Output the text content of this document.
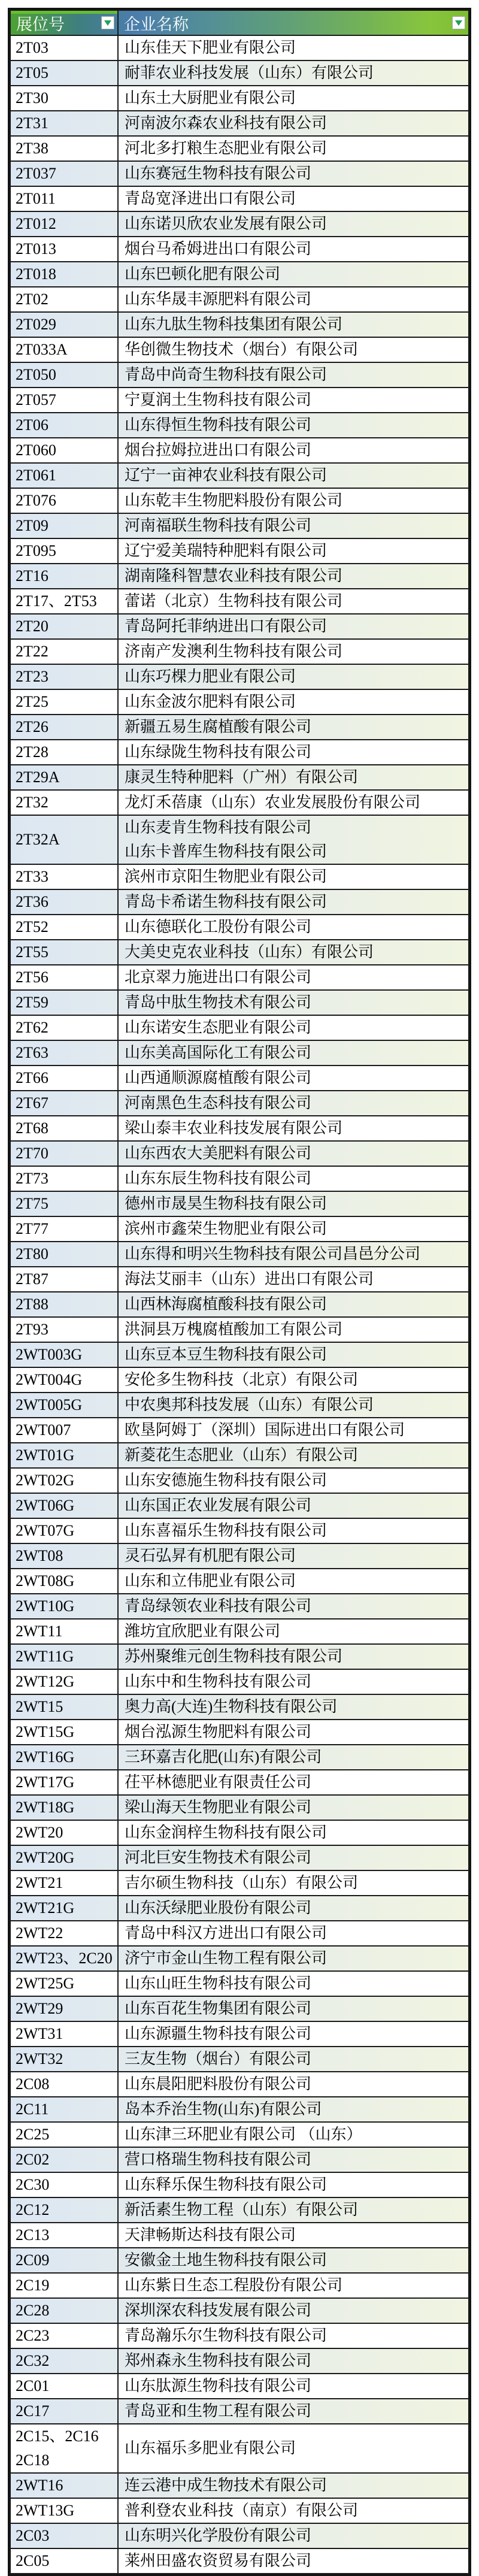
展位号	企业名称

2T03	山东佳天下肥业有限公司

2T05	耐菲农业科技发展（山东）有限公司

2T30	山东土大厨肥业有限公司

2T31	河南波尔森农业科技有限公司

2T38	河北多打粮生态肥业有限公司

2T037	山东赛冠生物科技有限公司

2T011	青岛宽泽进出口有限公司

2T012	山东诺贝欣农业发展有限公司

2T013	烟台马希姆进出口有限公司

2T018	山东巴顿化肥有限公司

2T02	山东华晟丰源肥料有限公司

2T029	山东九肽生物科技集团有限公司

2T033A	华创微生物技术（烟台）有限公司

2T050	青岛中尚奇生物科技有限公司

2T057	宁夏润土生物科技有限公司

2T06	山东得恒生物科技有限公司

2T060	烟台拉姆拉进出口有限公司

2T061	辽宁一亩神农业科技有限公司

2T076	山东乾丰生物肥料股份有限公司

2T09	河南福联生物科技有限公司

2T095	辽宁爱美瑞特种肥料有限公司

2T16	湖南隆科智慧农业科技有限公司

2T17、2T53	蕾诺（北京）生物科技有限公司

2T20	青岛阿托菲纳进出口有限公司

2T22	济南产发澳利生物科技有限公司

2T23	山东巧棵力肥业有限公司

2T25	山东金波尔肥料有限公司

2T26	新疆五易生腐植酸有限公司

2T28	山东绿陇生物科技有限公司

2T29A	康灵生特种肥料（广州）有限公司

2T32	龙灯禾蓓康（山东）农业发展股份有限公司

2T32A	山东麦肯生物科技有限公司
山东卡普库生物科技有限公司

2T33	滨州市京阳生物肥业有限公司

2T36	青岛卡希诺生物科技有限公司

2T52	山东德联化工股份有限公司

2T55	大美史克农业科技（山东）有限公司

2T56	北京翠力施进出口有限公司

2T59	青岛中肽生物技术有限公司

2T62	山东诺安生态肥业有限公司

2T63	山东美高国际化工有限公司

2T66	山西通顺源腐植酸有限公司

2T67	河南黑色生态科技有限公司

2T68	梁山泰丰农业科技发展有限公司

2T70	山东西农大美肥料有限公司

2T73	山东东辰生物科技有限公司

2T75	德州市晟昊生物科技有限公司

2T77	滨州市鑫荣生物肥业有限公司

2T80	山东得和明兴生物科技有限公司昌邑分公司

2T87	海法艾丽丰（山东）进出口有限公司

2T88	山西林海腐植酸科技有限公司

2T93	洪洞县万槐腐植酸加工有限公司

2WT003G	山东豆本豆生物科技有限公司

2WT004G	安伦多生物科技（北京）有限公司

2WT005G	中农奥邦科技发展（山东）有限公司

2WT007	欧垦阿姆丁（深圳）国际进出口有限公司

2WT01G	新菱花生态肥业（山东）有限公司

2WT02G	山东安德施生物科技有限公司

2WT06G	山东国正农业发展有限公司

2WT07G	山东喜福乐生物科技有限公司

2WT08	灵石弘昇有机肥有限公司

2WT08G	山东和立伟肥业有限公司

2WT10G	青岛绿领农业科技有限公司

2WT11	潍坊宜欣肥业有限公司

2WT11G	苏州聚维元创生物科技有限公司

2WT12G	山东中和生物科技有限公司

2WT15	奥力高(大连)生物科技有限公司

2WT15G	烟台泓源生物肥料有限公司

2WT16G	三环嘉吉化肥(山东)有限公司

2WT17G	茌平林德肥业有限责任公司

2WT18G	梁山海天生物肥业有限公司

2WT20	山东金润梓生物科技有限公司

2WT20G	河北巨安生物技术有限公司

2WT21	吉尔硕生物科技（山东）有限公司

2WT21G	山东沃绿肥业股份有限公司

2WT22	青岛中科汉方进出口有限公司

2WT23、2C20	济宁市金山生物工程有限公司

2WT25G	山东山旺生物科技有限公司

2WT29	山东百花生物集团有限公司

2WT31	山东源疆生物科技有限公司

2WT32	三友生物（烟台）有限公司

2C08	山东晨阳肥料股份有限公司

2C11	岛本乔治生物(山东)有限公司

2C25	山东津三环肥业有限公司 （山东）

2C02	营口格瑞生物科技有限公司

2C30	山东释乐保生物科技有限公司

2C12	新活素生物工程（山东）有限公司

2C13	天津畅斯达科技有限公司

2C09	安徽金土地生物科技有限公司

2C19	山东紫日生态工程股份有限公司

2C28	深圳深农科技发展有限公司

2C23	青岛瀚乐尔生物科技有限公司

2C32	郑州森永生物科技有限公司

2C01	山东肽源生物科技有限公司

2C17	青岛亚和生物工程有限公司

2C15、2C16
2C18	山东福乐多肥业有限公司

2WT16	连云港中成生物技术有限公司

2WT13G	普利登农业科技（南京）有限公司

2C03	山东明兴化学股份有限公司

2C05	莱州田盛农资贸易有限公司
